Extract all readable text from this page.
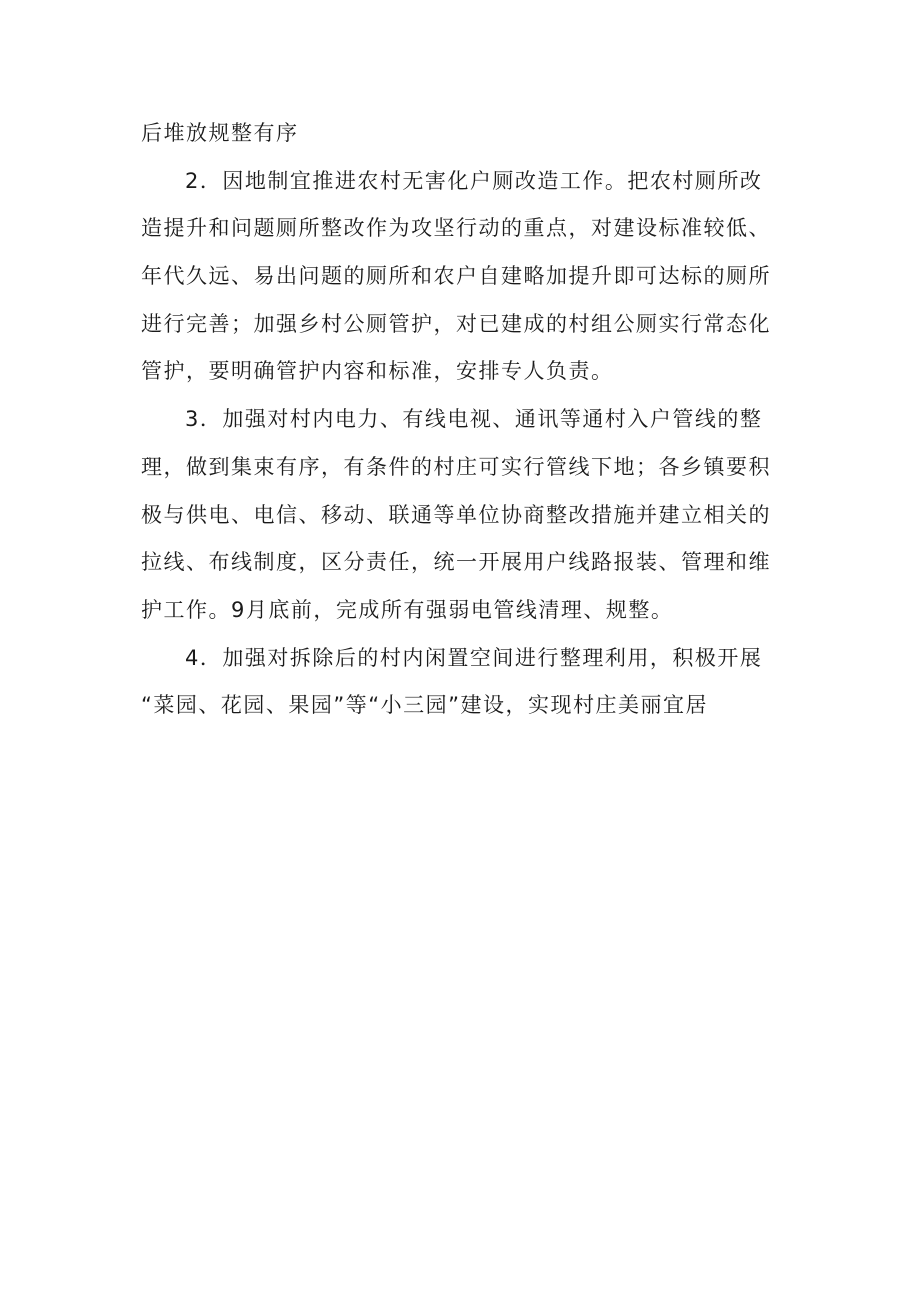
后堆放规整有序
2．因地制宜推进农村无害化户厕改造工作。把农村厕所改
造提升和问题厕所整改作为攻坚行动的重点，对建设标准较低、
年代久远、易出问题的厕所和农户自建略加提升即可达标的厕所
进行完善；加强乡村公厕管护，对已建成的村组公厕实行常态化
管护，要明确管护内容和标准，安排专人负责。
3．加强对村内电力、有线电视、通讯等通村入户管线的整
理，做到集束有序，有条件的村庄可实行管线下地；各乡镇要积
极与供电、电信、移动、联通等单位协商整改措施并建立相关的
拉线、布线制度，区分责任，统一开展用户线路报装、管理和维
护工作。9月底前，完成所有强弱电管线清理、规整。
4．加强对拆除后的村内闲置空间进行整理利用，积极开展
“菜园、花园、果园”等“小三园”建设，实现村庄美丽宜居
